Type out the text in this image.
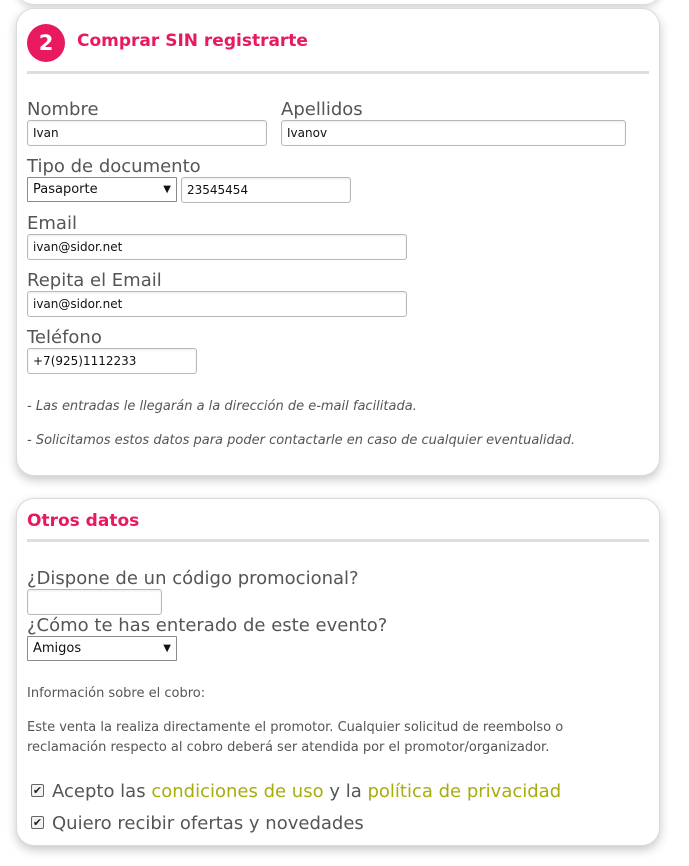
2	Comprar SIN registrarte
Nombre
Ivan
Apellidos
Ivanov
Tipo de documento
Pasaporte	▼	23545454
Email
ivan@sidor.net
Repita el Email
ivan@sidor.net
Teléfono
+7(925)1112233
- Las entradas le llegarán a la dirección de e-mail facilitada.
- Solicitamos estos datos para poder contactarle en caso de cualquier eventualidad.
Otros datos
¿Dispone de un código promocional?
¿Cómo te has enterado de este evento?
Amigos	▼
Información sobre el cobro:
Este venta la realiza directamente el promotor. Cualquier solicitud de reembolso o reclamación respecto al cobro deberá ser atendida por el promotor/organizador.
✔ Acepto las condiciones de uso y la política de privacidad
✔ Quiero recibir ofertas y novedades
